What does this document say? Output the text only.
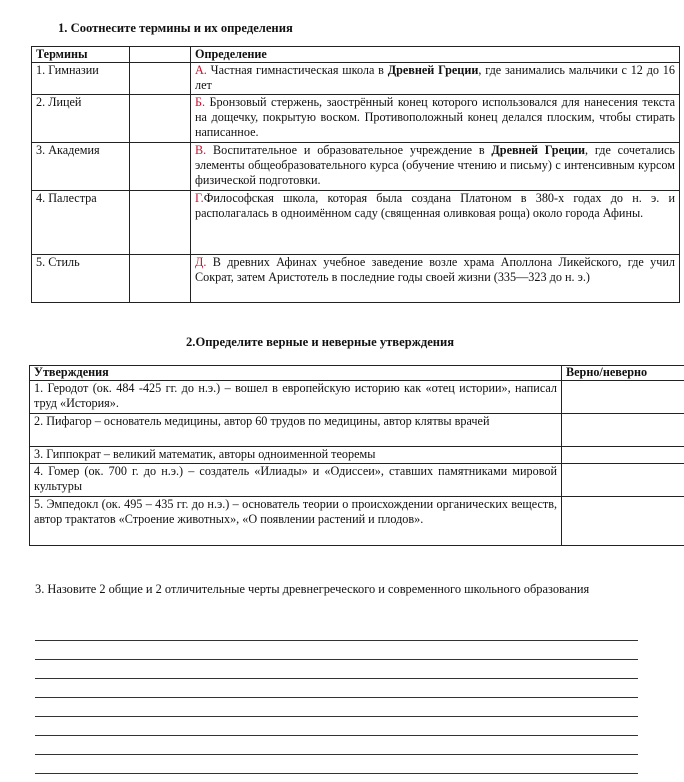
1. Соотнесите термины и их определения
Термины		Определение
1. Гимназии		А. Частная гимнастическая школа в Древней Греции, где занимались мальчики с 12 до 16 лет
2. Лицей		Б. Бронзовый стержень, заострённый конец которого использовался для нанесения текста на дощечку, покрытую воском. Противоположный конец делался плоским, чтобы стирать написанное.
3. Академия		В. Воспитательное и образовательное учреждение в Древней Греции, где сочетались элементы общеобразовательного курса (обучение чтению и письму) с интенсивным курсом физической подготовки.
4. Палестра		Г.Философская школа, которая была создана Платоном в 380-х годах до н. э. и располагалась в одноимённом саду (священная оливковая роща) около города Афины.
5. Стиль		Д. В древних Афинах учебное заведение возле храма Аполлона Ликейского, где учил Сократ, затем Аристотель в последние годы своей жизни (335—323 до н. э.)
2.Определите верные и неверные утверждения
Утверждения	Верно/неверно
1. Геродот (ок. 484 -425 гг. до н.э.) – вошел в европейскую историю как «отец истории», написал труд «История».	
2. Пифагор – основатель медицины, автор 60 трудов по медицины, автор клятвы врачей	
3. Гиппократ – великий математик, авторы одноименной теоремы	
4. Гомер (ок. 700 г. до н.э.) – создатель «Илиады» и «Одиссеи», ставших памятниками мировой культуры	
5. Эмпедокл (ок. 495 – 435 гг. до н.э.) – основатель теории о происхождении органических веществ, автор трактатов «Строение животных», «О появлении растений и плодов».	
3. Назовите 2 общие и 2 отличительные черты древнегреческого и современного школьного образования
